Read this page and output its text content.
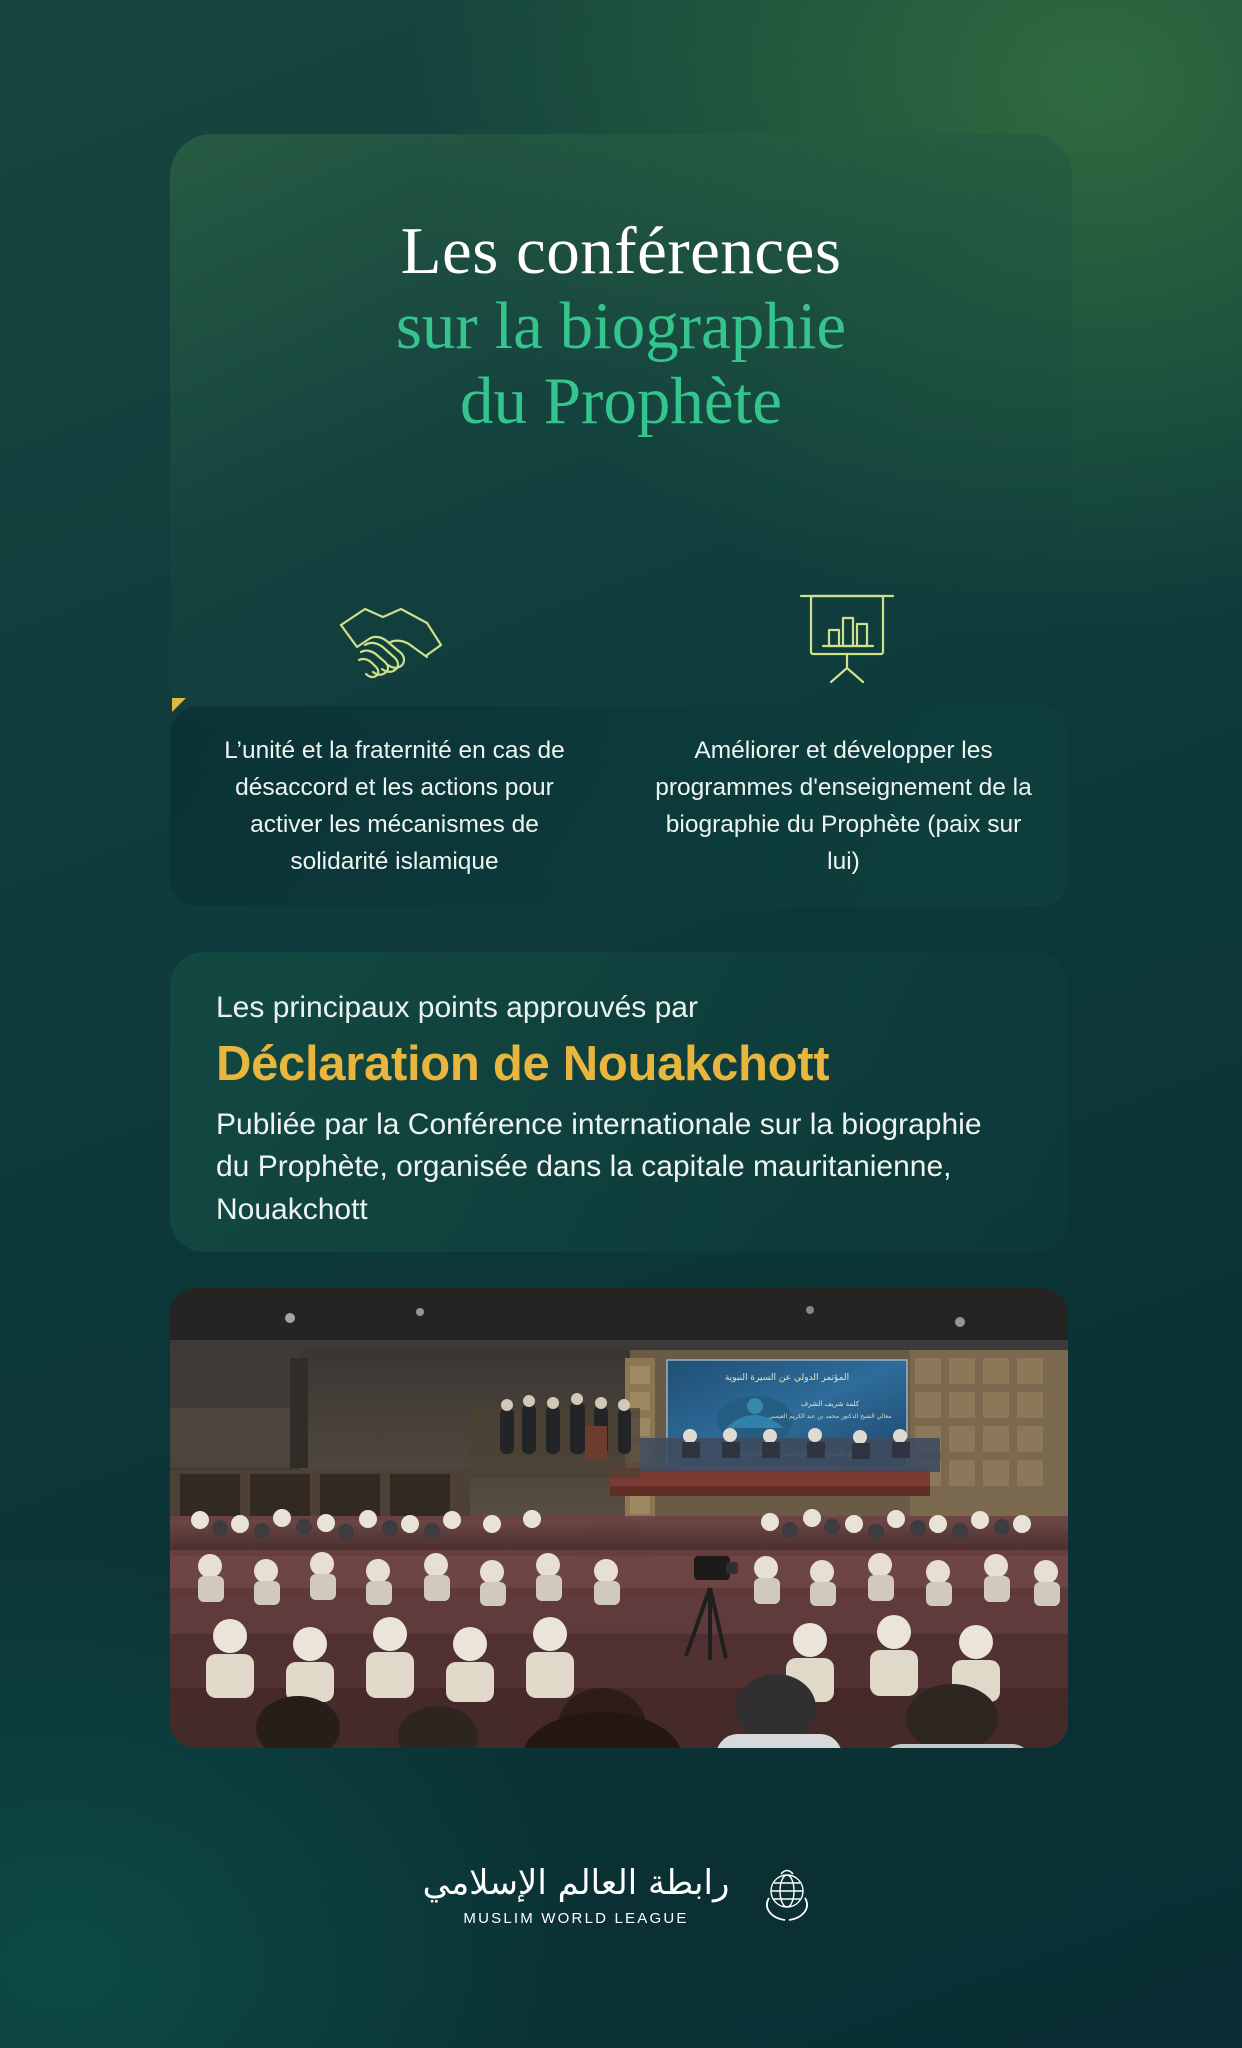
Les conférences
sur la biographie
du Prophète
L’unité et la fraternité en cas de désaccord et les actions pour activer les mécanismes de solidarité islamique
Améliorer et développer les programmes d'enseignement de la biographie du Prophète (paix sur lui)
Les principaux points approuvés par
Déclaration de Nouakchott
Publiée par la Conférence internationale sur la biographie du Prophète, organisée dans la capitale mauritanienne, Nouakchott
المؤتمر الدولي عن السيرة النبوية
كلمة شريف الشرف
معالي الشيخ الدكتور محمد بن عبد الكريم العيسى
رابطة العالم الإسلامي
MUSLIM WORLD LEAGUE
